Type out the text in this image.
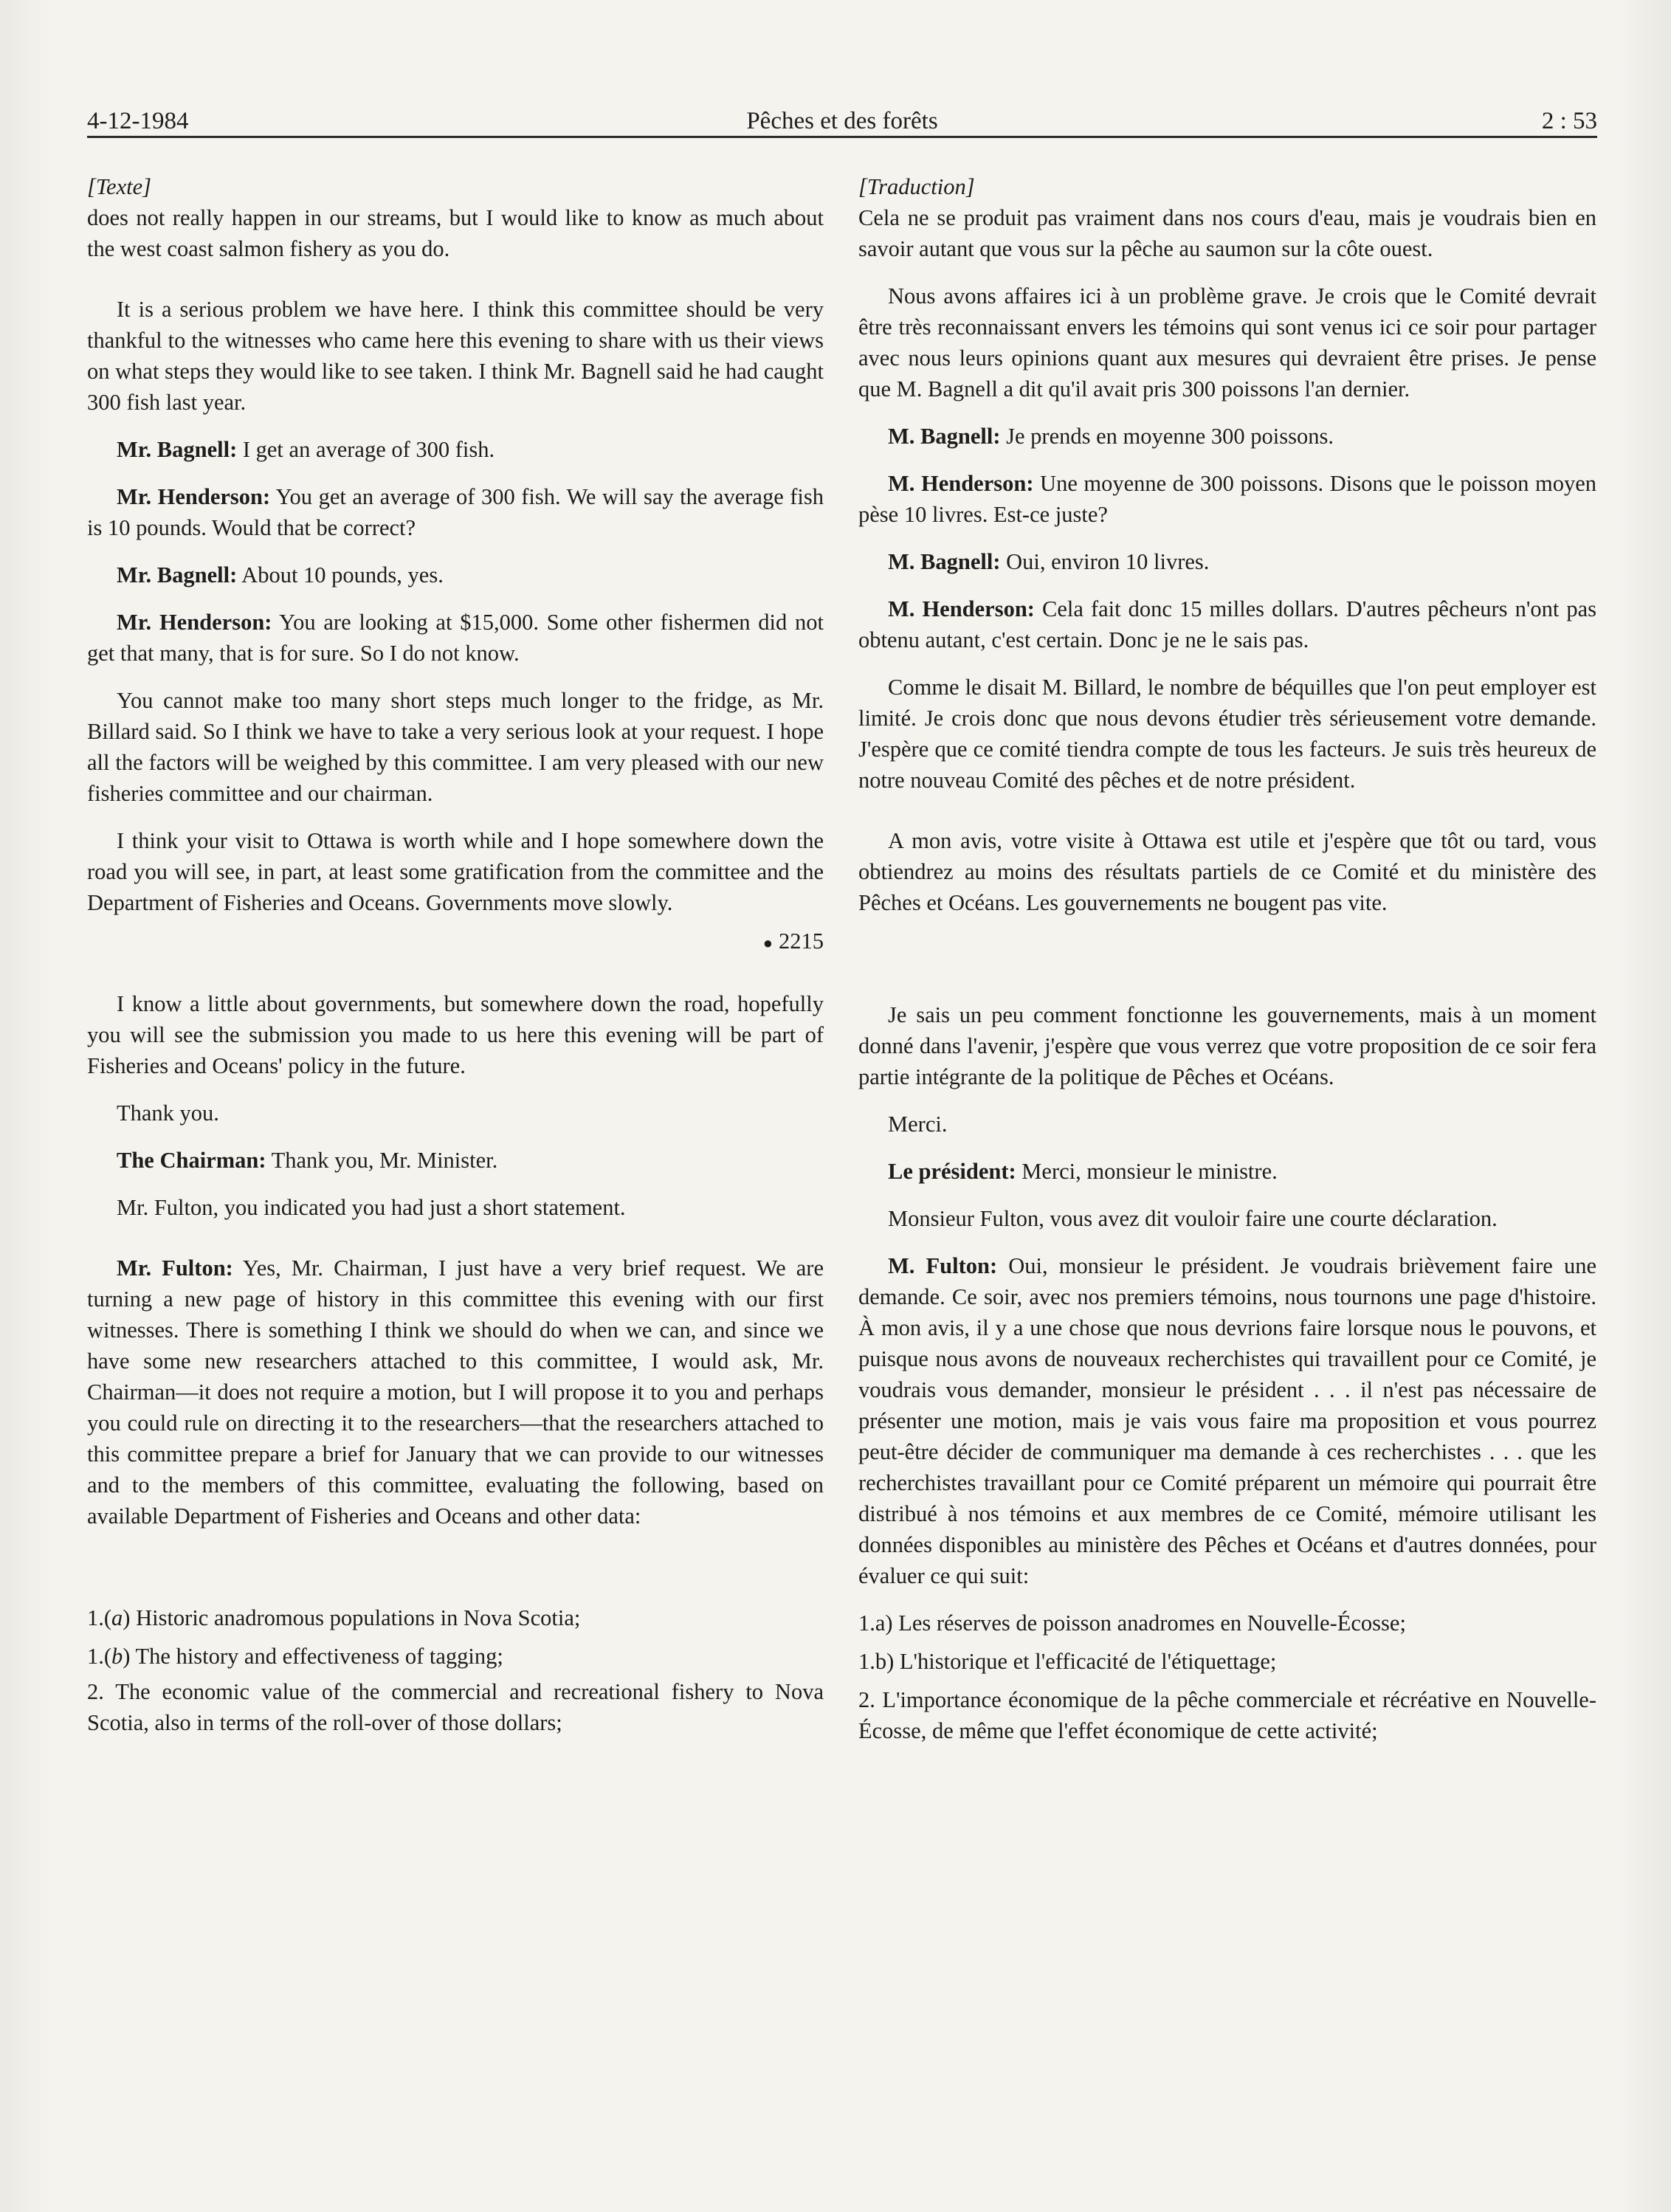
4-12-1984	Pêches et des forêts	2 : 53
[Texte]

does not really happen in our streams, but I would like to know as much about the west coast salmon fishery as you do.

It is a serious problem we have here. I think this committee should be very thankful to the witnesses who came here this evening to share with us their views on what steps they would like to see taken. I think Mr. Bagnell said he had caught 300 fish last year.

Mr. Bagnell: I get an average of 300 fish.

Mr. Henderson: You get an average of 300 fish. We will say the average fish is 10 pounds. Would that be correct?

Mr. Bagnell: About 10 pounds, yes.

Mr. Henderson: You are looking at $15,000. Some other fishermen did not get that many, that is for sure. So I do not know.

You cannot make too many short steps much longer to the fridge, as Mr. Billard said. So I think we have to take a very serious look at your request. I hope all the factors will be weighed by this committee. I am very pleased with our new fisheries committee and our chairman.

I think your visit to Ottawa is worth while and I hope somewhere down the road you will see, in part, at least some gratification from the committee and the Department of Fisheries and Oceans. Governments move slowly.

● 2215

I know a little about governments, but somewhere down the road, hopefully you will see the submission you made to us here this evening will be part of Fisheries and Oceans' policy in the future.

Thank you.

The Chairman: Thank you, Mr. Minister.

Mr. Fulton, you indicated you had just a short statement.

Mr. Fulton: Yes, Mr. Chairman, I just have a very brief request. We are turning a new page of history in this committee this evening with our first witnesses. There is something I think we should do when we can, and since we have some new researchers attached to this committee, I would ask, Mr. Chairman—it does not require a motion, but I will propose it to you and perhaps you could rule on directing it to the researchers—that the researchers attached to this committee prepare a brief for January that we can provide to our witnesses and to the members of this committee, evaluating the following, based on available Department of Fisheries and Oceans and other data:

1.(a) Historic anadromous populations in Nova Scotia;

1.(b) The history and effectiveness of tagging;

2. The economic value of the commercial and recreational fishery to Nova Scotia, also in terms of the roll-over of those dollars;

[Traduction]

Cela ne se produit pas vraiment dans nos cours d'eau, mais je voudrais bien en savoir autant que vous sur la pêche au saumon sur la côte ouest.

Nous avons affaires ici à un problème grave. Je crois que le Comité devrait être très reconnaissant envers les témoins qui sont venus ici ce soir pour partager avec nous leurs opinions quant aux mesures qui devraient être prises. Je pense que M. Bagnell a dit qu'il avait pris 300 poissons l'an dernier.

M. Bagnell: Je prends en moyenne 300 poissons.

M. Henderson: Une moyenne de 300 poissons. Disons que le poisson moyen pèse 10 livres. Est-ce juste?

M. Bagnell: Oui, environ 10 livres.

M. Henderson: Cela fait donc 15 milles dollars. D'autres pêcheurs n'ont pas obtenu autant, c'est certain. Donc je ne le sais pas.

Comme le disait M. Billard, le nombre de béquilles que l'on peut employer est limité. Je crois donc que nous devons étudier très sérieusement votre demande. J'espère que ce comité tiendra compte de tous les facteurs. Je suis très heureux de notre nouveau Comité des pêches et de notre président.

A mon avis, votre visite à Ottawa est utile et j'espère que tôt ou tard, vous obtiendrez au moins des résultats partiels de ce Comité et du ministère des Pêches et Océans. Les gouvernements ne bougent pas vite.

Je sais un peu comment fonctionne les gouvernements, mais à un moment donné dans l'avenir, j'espère que vous verrez que votre proposition de ce soir fera partie intégrante de la politique de Pêches et Océans.

Merci.

Le président: Merci, monsieur le ministre.

Monsieur Fulton, vous avez dit vouloir faire une courte déclaration.

M. Fulton: Oui, monsieur le président. Je voudrais brièvement faire une demande. Ce soir, avec nos premiers témoins, nous tournons une page d'histoire. À mon avis, il y a une chose que nous devrions faire lorsque nous le pouvons, et puisque nous avons de nouveaux recherchistes qui travaillent pour ce Comité, je voudrais vous demander, monsieur le président . . . il n'est pas nécessaire de présenter une motion, mais je vais vous faire ma proposition et vous pourrez peut-être décider de communiquer ma demande à ces recherchistes . . . que les recherchistes travaillant pour ce Comité préparent un mémoire qui pourrait être distribué à nos témoins et aux membres de ce Comité, mémoire utilisant les données disponibles au ministère des Pêches et Océans et d'autres données, pour évaluer ce qui suit:

1.a) Les réserves de poisson anadromes en Nouvelle-Écosse;

1.b) L'historique et l'efficacité de l'étiquettage;

2. L'importance économique de la pêche commerciale et récréative en Nouvelle-Écosse, de même que l'effet économique de cette activité;
